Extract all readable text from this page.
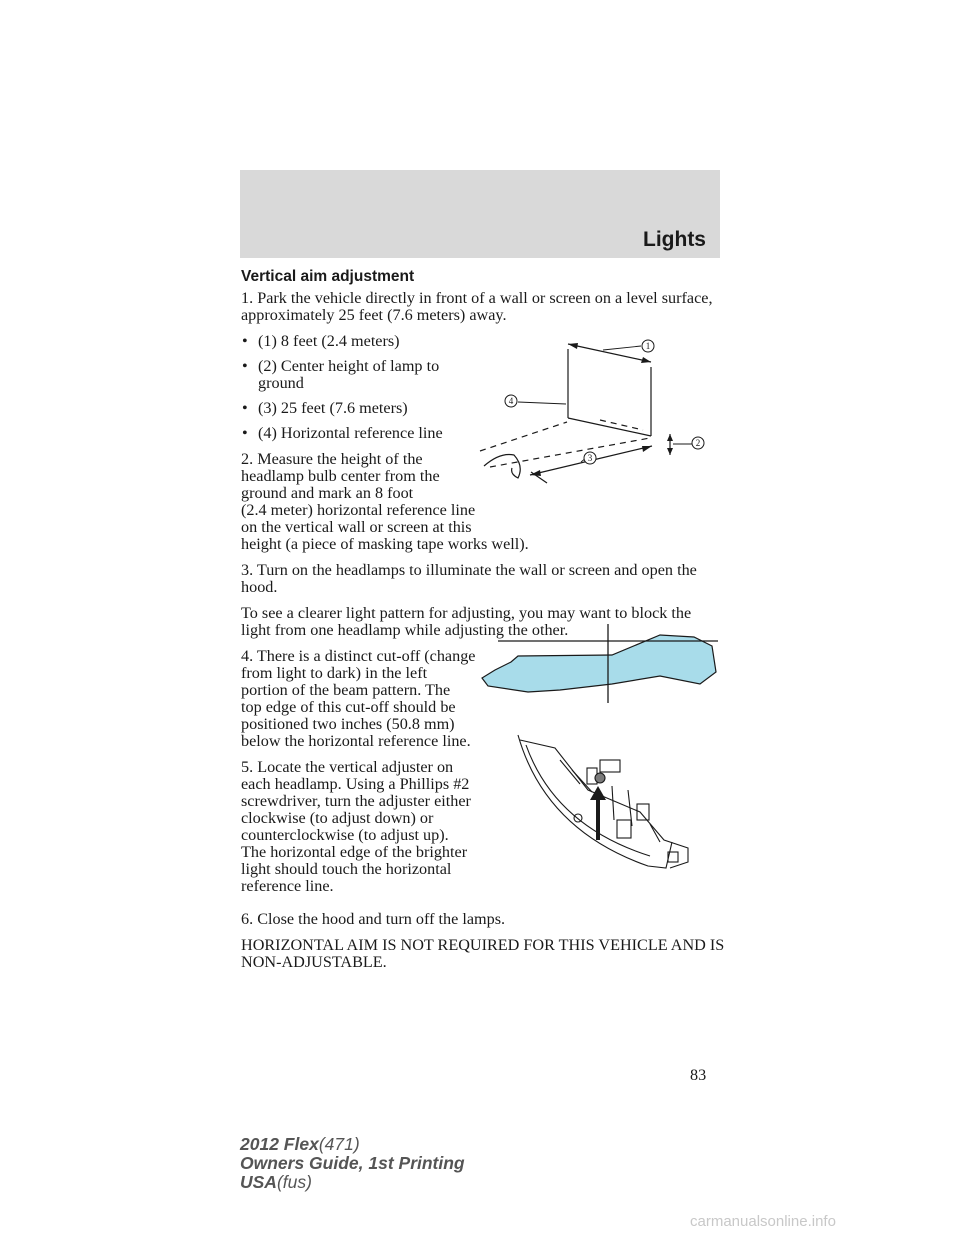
Lights
Vertical aim adjustment
1. Park the vehicle directly in front of a wall or screen on a level surface,
approximately 25 feet (7.6 meters) away.
• (1) 8 feet (2.4 meters)
• (2) Center height of lamp to
ground
• (3) 25 feet (7.6 meters)
• (4) Horizontal reference line
2. Measure the height of the
headlamp bulb center from the
ground and mark an 8 foot
(2.4 meter) horizontal reference line
on the vertical wall or screen at this
height (a piece of masking tape works well).
3. Turn on the headlamps to illuminate the wall or screen and open the
hood.
To see a clearer light pattern for adjusting, you may want to block the
light from one headlamp while adjusting the other.
4. There is a distinct cut-off (change
from light to dark) in the left
portion of the beam pattern. The
top edge of this cut-off should be
positioned two inches (50.8 mm)
below the horizontal reference line.
5. Locate the vertical adjuster on
each headlamp. Using a Phillips #2
screwdriver, turn the adjuster either
clockwise (to adjust down) or
counterclockwise (to adjust up).
The horizontal edge of the brighter
light should touch the horizontal
reference line.
6. Close the hood and turn off the lamps.
HORIZONTAL AIM IS NOT REQUIRED FOR THIS VEHICLE AND IS
NON-ADJUSTABLE.
1
2
3
4
83
2012 Flex(471)
Owners Guide, 1st Printing
USA(fus)
carmanualsonline.info
